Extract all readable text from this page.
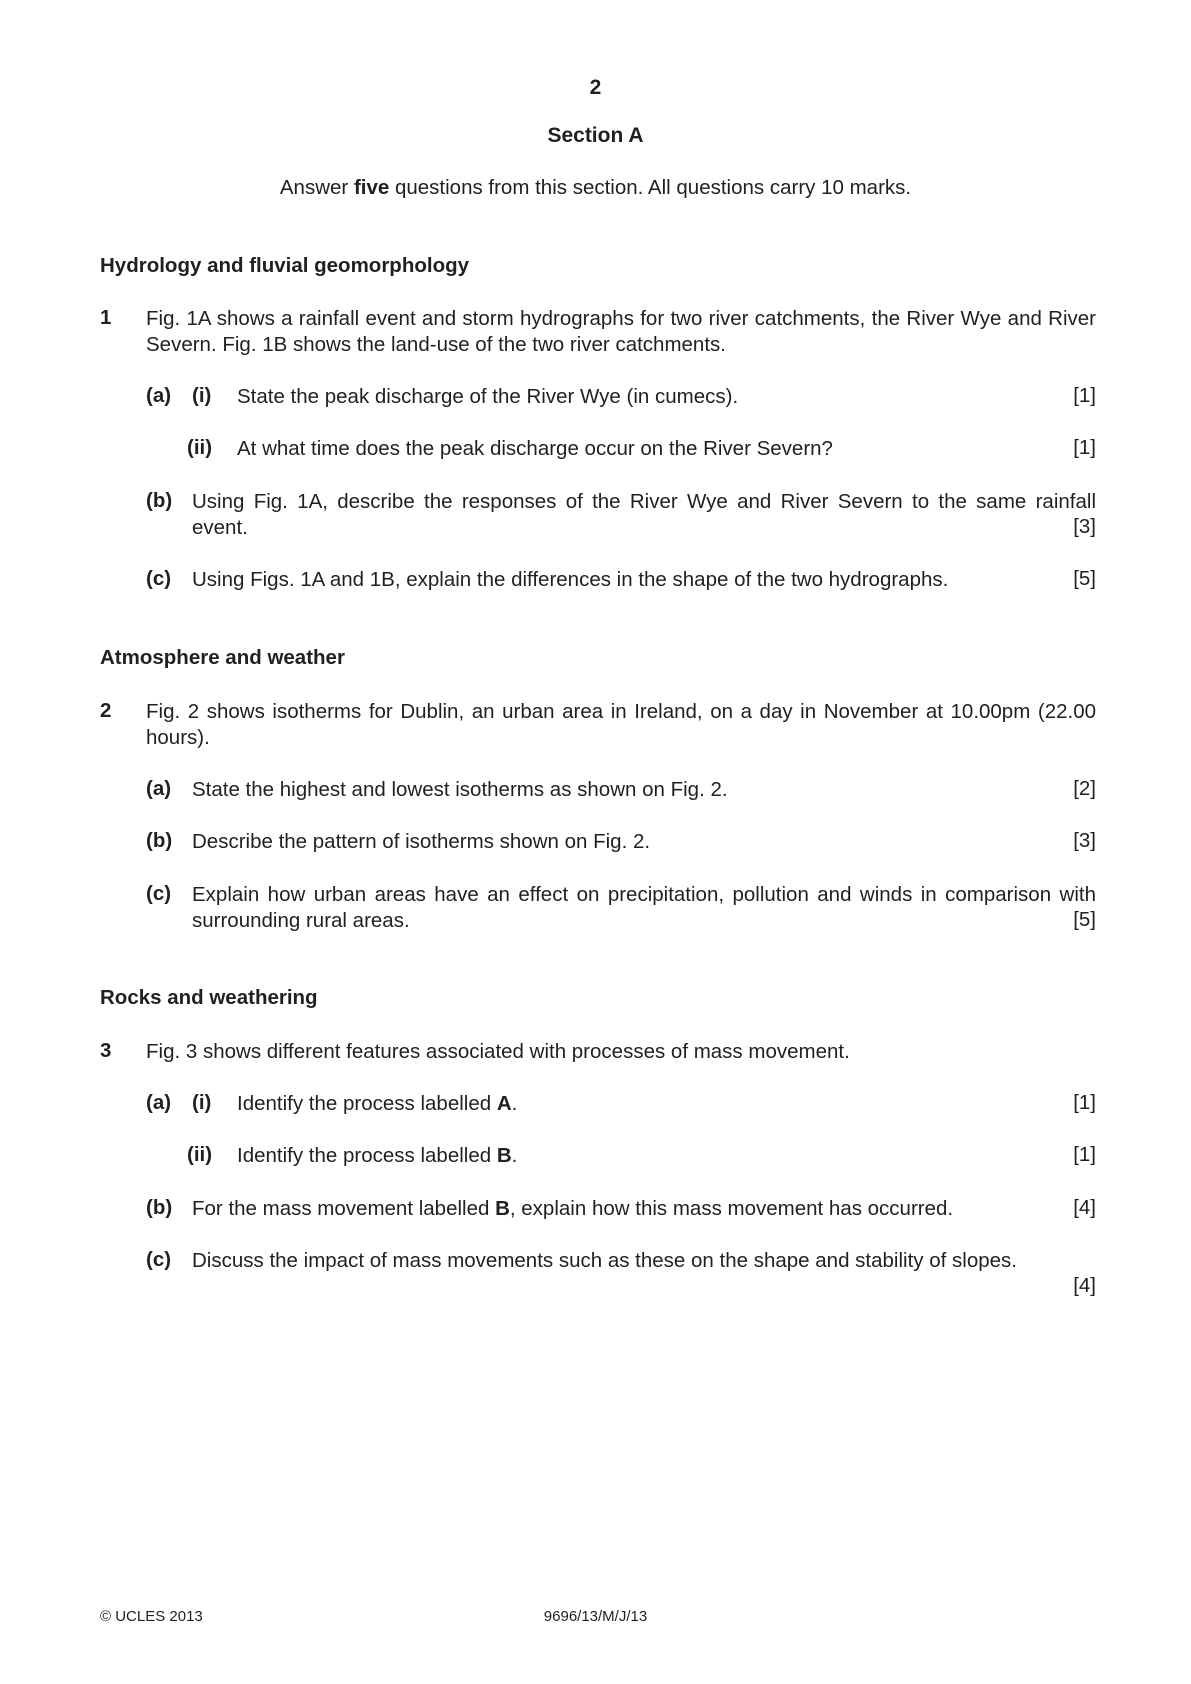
2
Section A
Answer five questions from this section. All questions carry 10 marks.
Hydrology and fluvial geomorphology
1 Fig. 1A shows a rainfall event and storm hydrographs for two river catchments, the River Wye and River Severn. Fig. 1B shows the land-use of the two river catchments.
(a) (i) State the peak discharge of the River Wye (in cumecs).	[1]
(ii) At what time does the peak discharge occur on the River Severn?	[1]
(b) Using Fig. 1A, describe the responses of the River Wye and River Severn to the same rainfall event.	[3]
(c) Using Figs. 1A and 1B, explain the differences in the shape of the two hydrographs.	[5]
Atmosphere and weather
2 Fig. 2 shows isotherms for Dublin, an urban area in Ireland, on a day in November at 10.00pm (22.00 hours).
(a) State the highest and lowest isotherms as shown on Fig. 2.	[2]
(b) Describe the pattern of isotherms shown on Fig. 2.	[3]
(c) Explain how urban areas have an effect on precipitation, pollution and winds in comparison with surrounding rural areas.	[5]
Rocks and weathering
3 Fig. 3 shows different features associated with processes of mass movement.
(a) (i) Identify the process labelled A.	[1]
(ii) Identify the process labelled B.	[1]
(b) For the mass movement labelled B, explain how this mass movement has occurred.	[4]
(c) Discuss the impact of mass movements such as these on the shape and stability of slopes.
[4]
© UCLES 2013	9696/13/M/J/13
